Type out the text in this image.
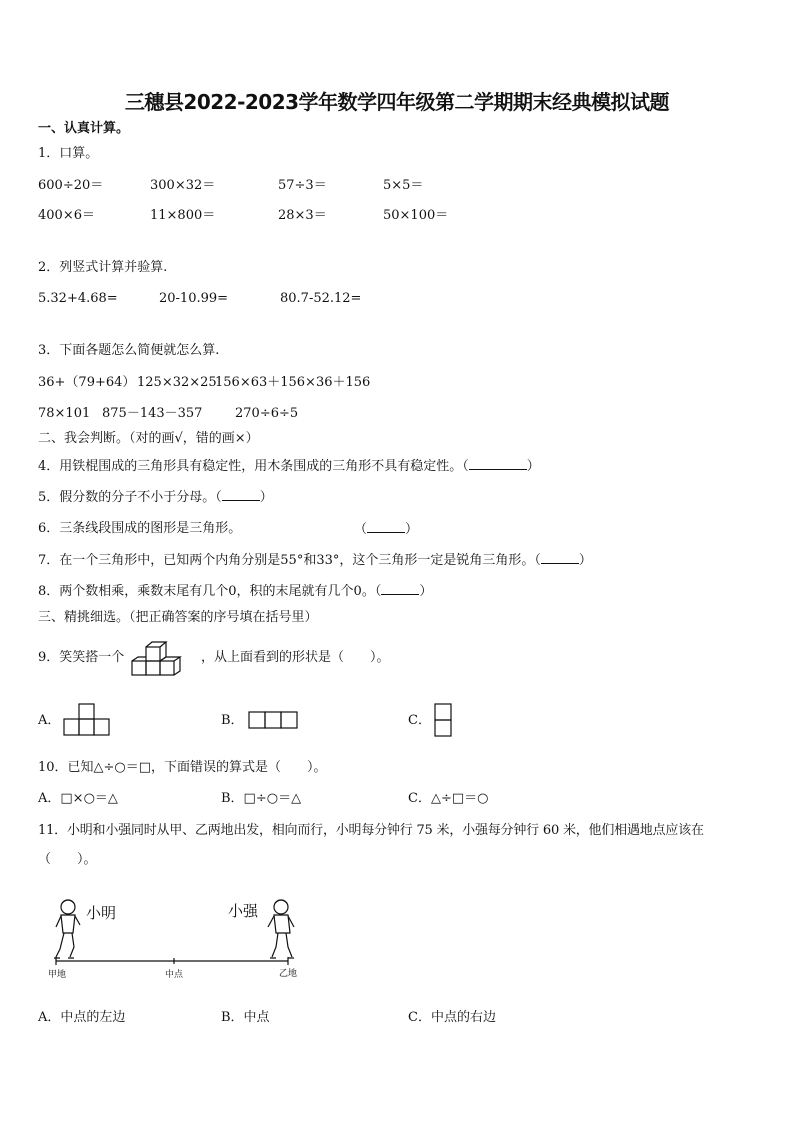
三穗县2022-2023学年数学四年级第二学期期末经典模拟试题
一、认真计算。
1．口算。
600÷20＝	300×32＝	57÷3＝	5×5＝
400×6＝	11×800＝	28×3＝	50×100＝
2．列竖式计算并验算.
5.32+4.68=	20-10.99=	80.7-52.12=
3．下面各题怎么简便就怎么算.
36+（79+64） 125×32×25
156×63＋156×36＋156
78×101 875－143－357	270÷6÷5
二、我会判断。（对的画√，错的画×）
4．用铁棍围成的三角形具有稳定性，用木条围成的三角形不具有稳定性。（	）
5．假分数的分子不小于分母。（	）
6．三条线段围成的图形是三角形。	（	）
7．在一个三角形中，已知两个内角分别是55°和33°，这个三角形一定是锐角三角形。（	）
8．两个数相乘，乘数末尾有几个0，积的末尾就有几个0。（	）
三、精挑细选。（把正确答案的序号填在括号里）
9．笑笑搭一个	，从上面看到的形状是（　　）。
A．	B．	C．
10．已知△÷○＝□，下面错误的算式是（　　）。
A．□×○＝△	B．□÷○＝△	C．△÷□＝○
11．小明和小强同时从甲、乙两地出发，相向而行，小明每分钟行 75 米，小强每分钟行 60 米，他们相遇地点应该在
（　　）。
小明	小强
甲地	中点	乙地
A．中点的左边	B．中点	C．中点的右边
